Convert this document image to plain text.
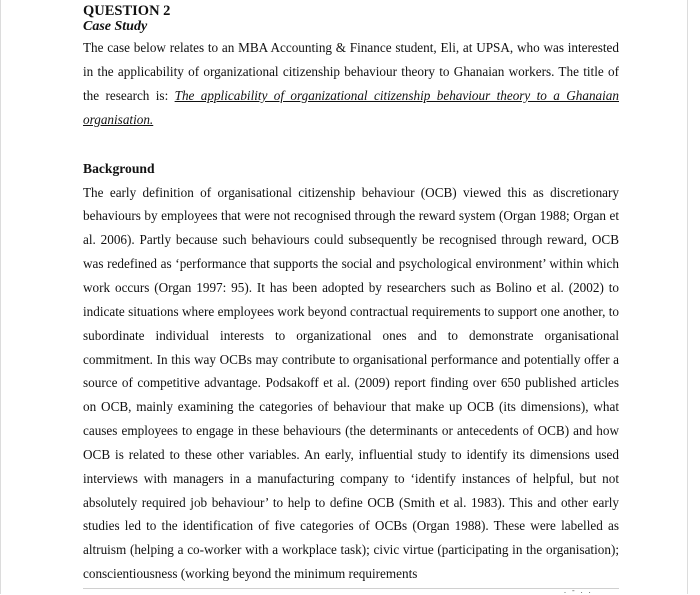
QUESTION 2

Case Study

The case below relates to an MBA Accounting & Finance student, Eli, at UPSA, who was interested in the applicability of organizational citizenship behaviour theory to Ghanaian workers. The title of the research is: The applicability of organizational citizenship behaviour theory to a Ghanaian organisation.

Background

The early definition of organisational citizenship behaviour (OCB) viewed this as discretionary behaviours by employees that were not recognised through the reward system (Organ 1988; Organ et al. 2006). Partly because such behaviours could subsequently be recognised through reward, OCB was redefined as ‘performance that supports the social and psychological environment’ within which work occurs (Organ 1997: 95). It has been adopted by researchers such as Bolino et al. (2002) to indicate situations where employees work beyond contractual requirements to support one another, to subordinate individual interests to organizational ones and to demonstrate organisational commitment. In this way OCBs may contribute to organisational performance and potentially offer a source of competitive advantage. Podsakoff et al. (2009) report finding over 650 published articles on OCB, mainly examining the categories of behaviour that make up OCB (its dimensions), what causes employees to engage in these behaviours (the determinants or antecedents of OCB) and how OCB is related to these other variables. An early, influential study to identify its dimensions used interviews with managers in a manufacturing company to ‘identify instances of helpful, but not absolutely required job behaviour’ to help to define OCB (Smith et al. 1983). This and other early studies led to the identification of five categories of OCBs (Organ 1988). These were labelled as altruism (helping a co-worker with a workplace task); civic virtue (participating in the organisation); conscientiousness (working beyond the minimum requirements

. - . .
